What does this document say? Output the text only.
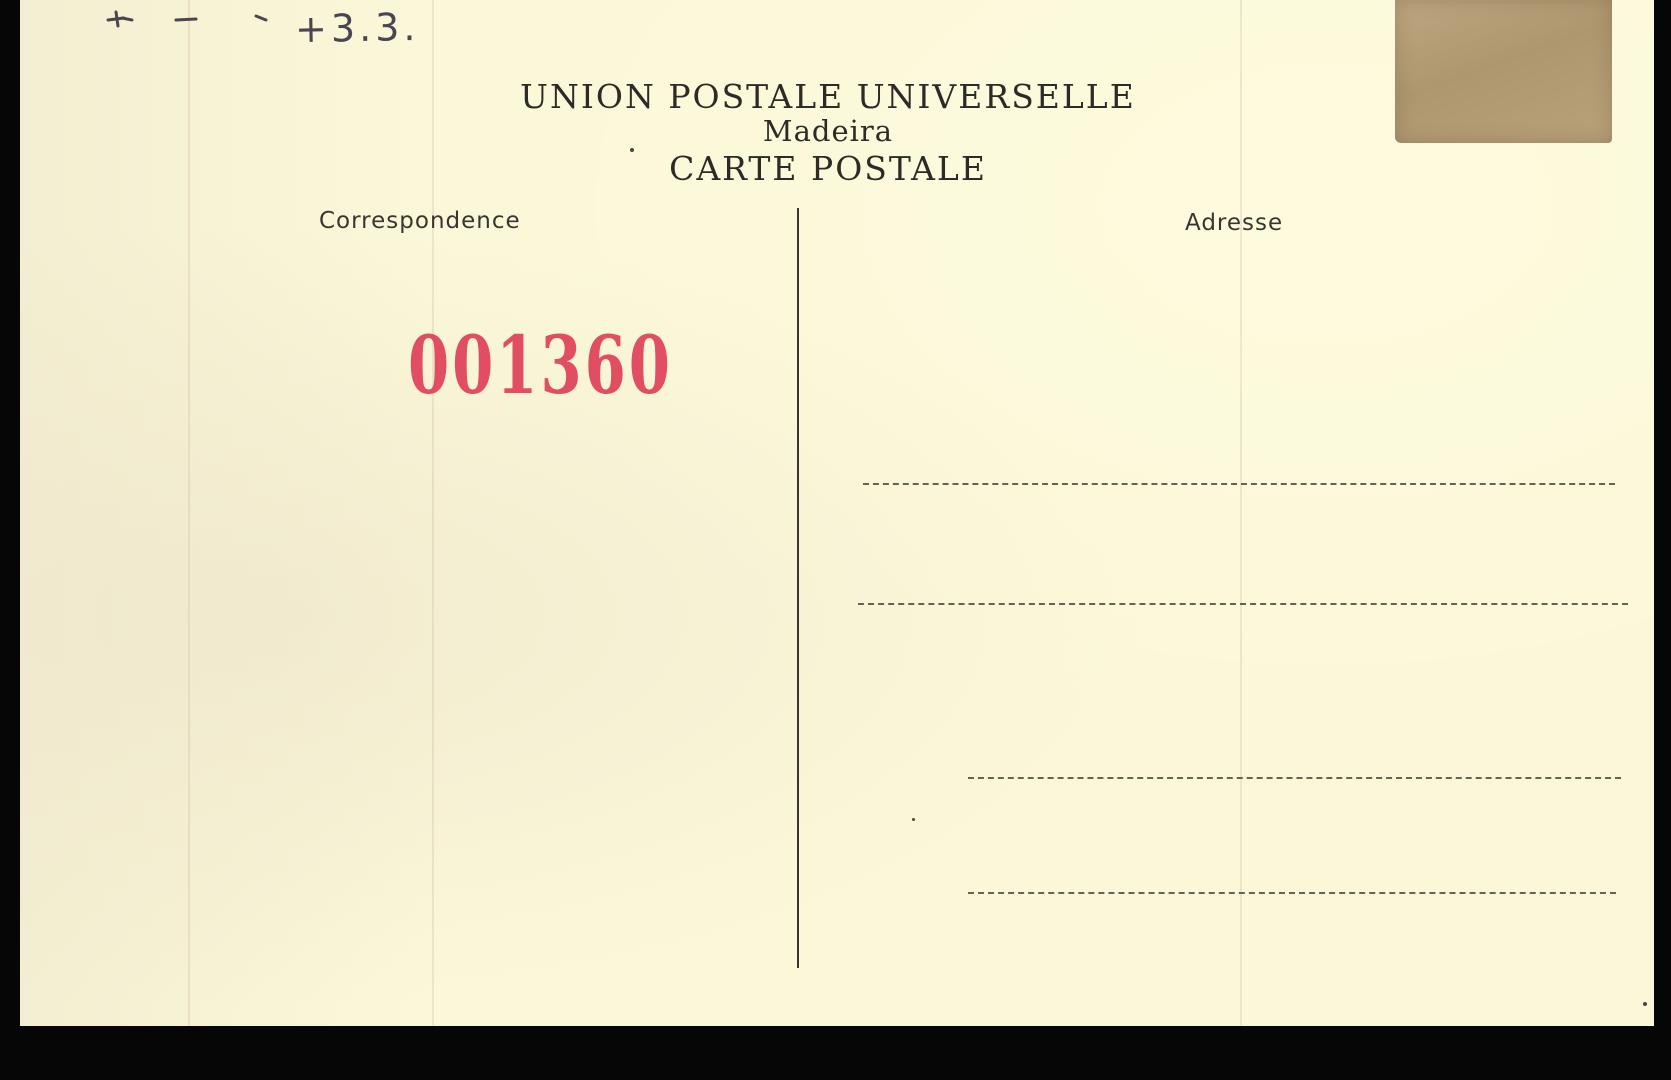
+3.3.
UNION POSTALE UNIVERSELLE
Madeira
CARTE POSTALE
Correspondence	Adresse
001360
